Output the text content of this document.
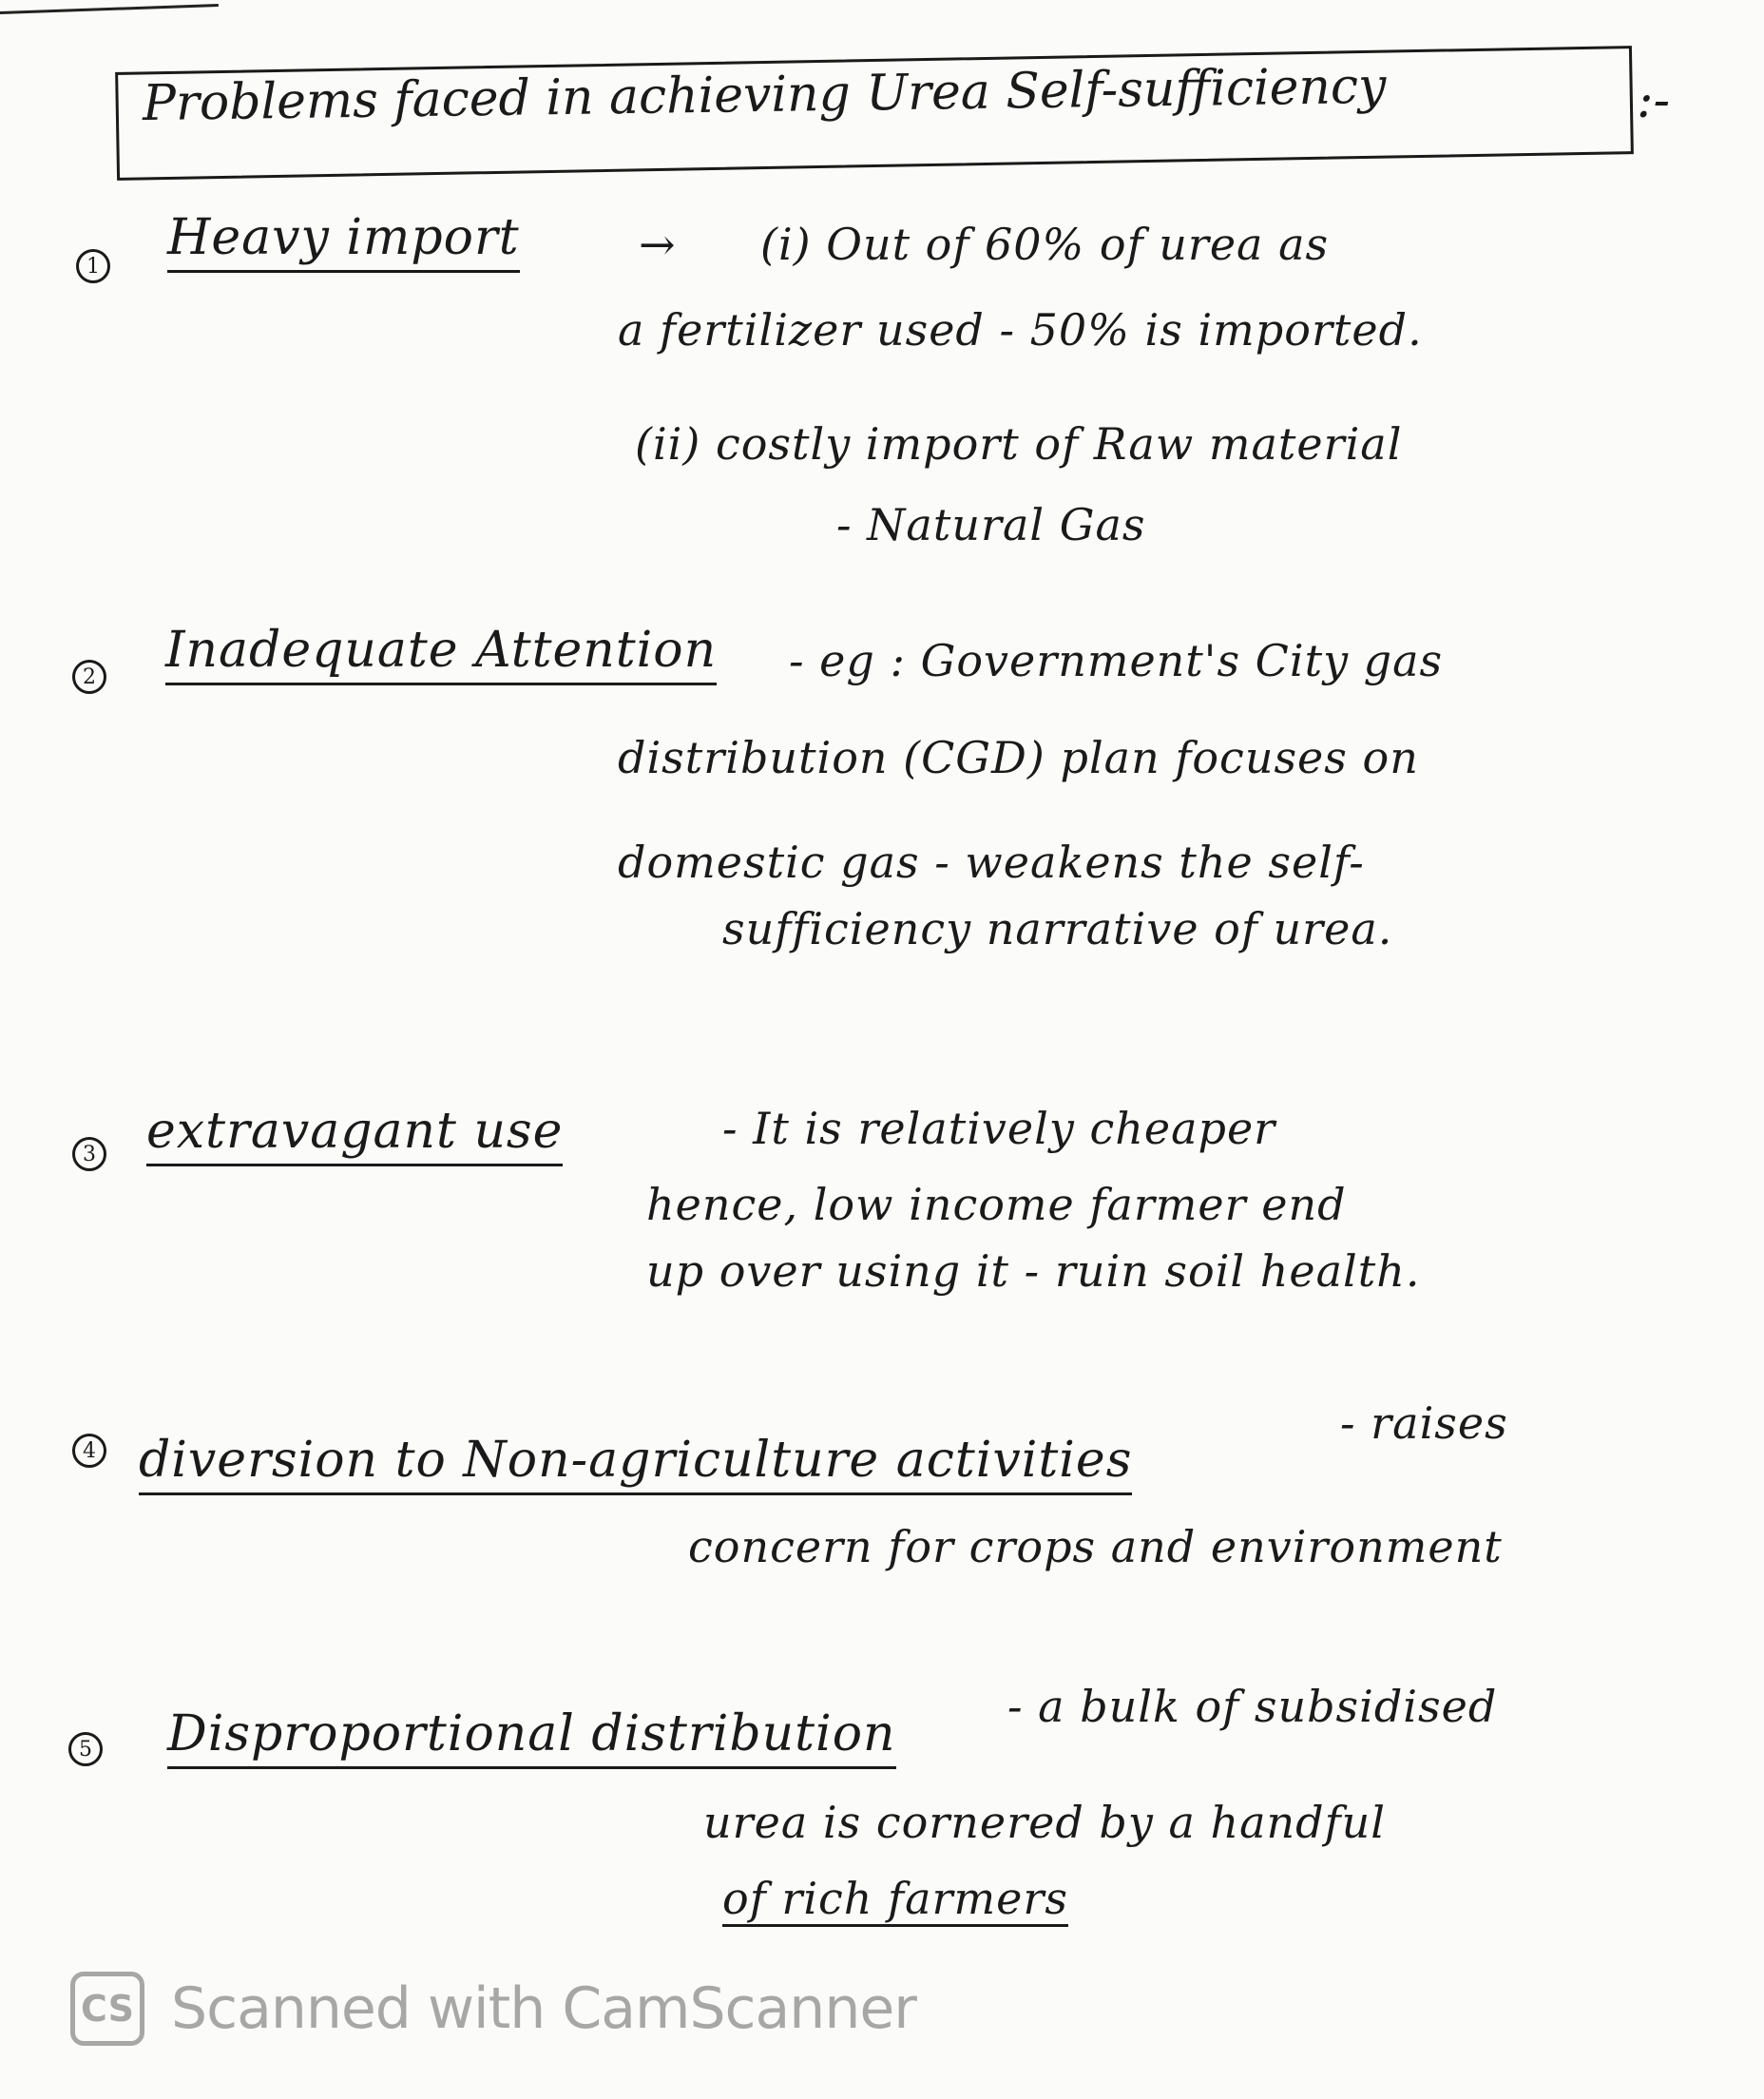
Problems faced in achieving Urea Self-sufficiency	:-
1 Heavy import	→ (i) Out of 60% of urea as
a fertilizer used - 50% is imported.
(ii) costly import of Raw material
- Natural Gas
2 Inadequate Attention - eg : Government's City gas
distribution (CGD) plan focuses on
domestic gas - weakens the self-
sufficiency narrative of urea.
3 extravagant use	- It is relatively cheaper
hence, low income farmer end
up over using it - ruin soil health.
4 diversion to Non-agriculture activities
- raises
concern for crops and environment
5 Disproportional distribution	- a bulk of subsidised
urea is cornered by a handful
of rich farmers
CS Scanned with CamScanner
